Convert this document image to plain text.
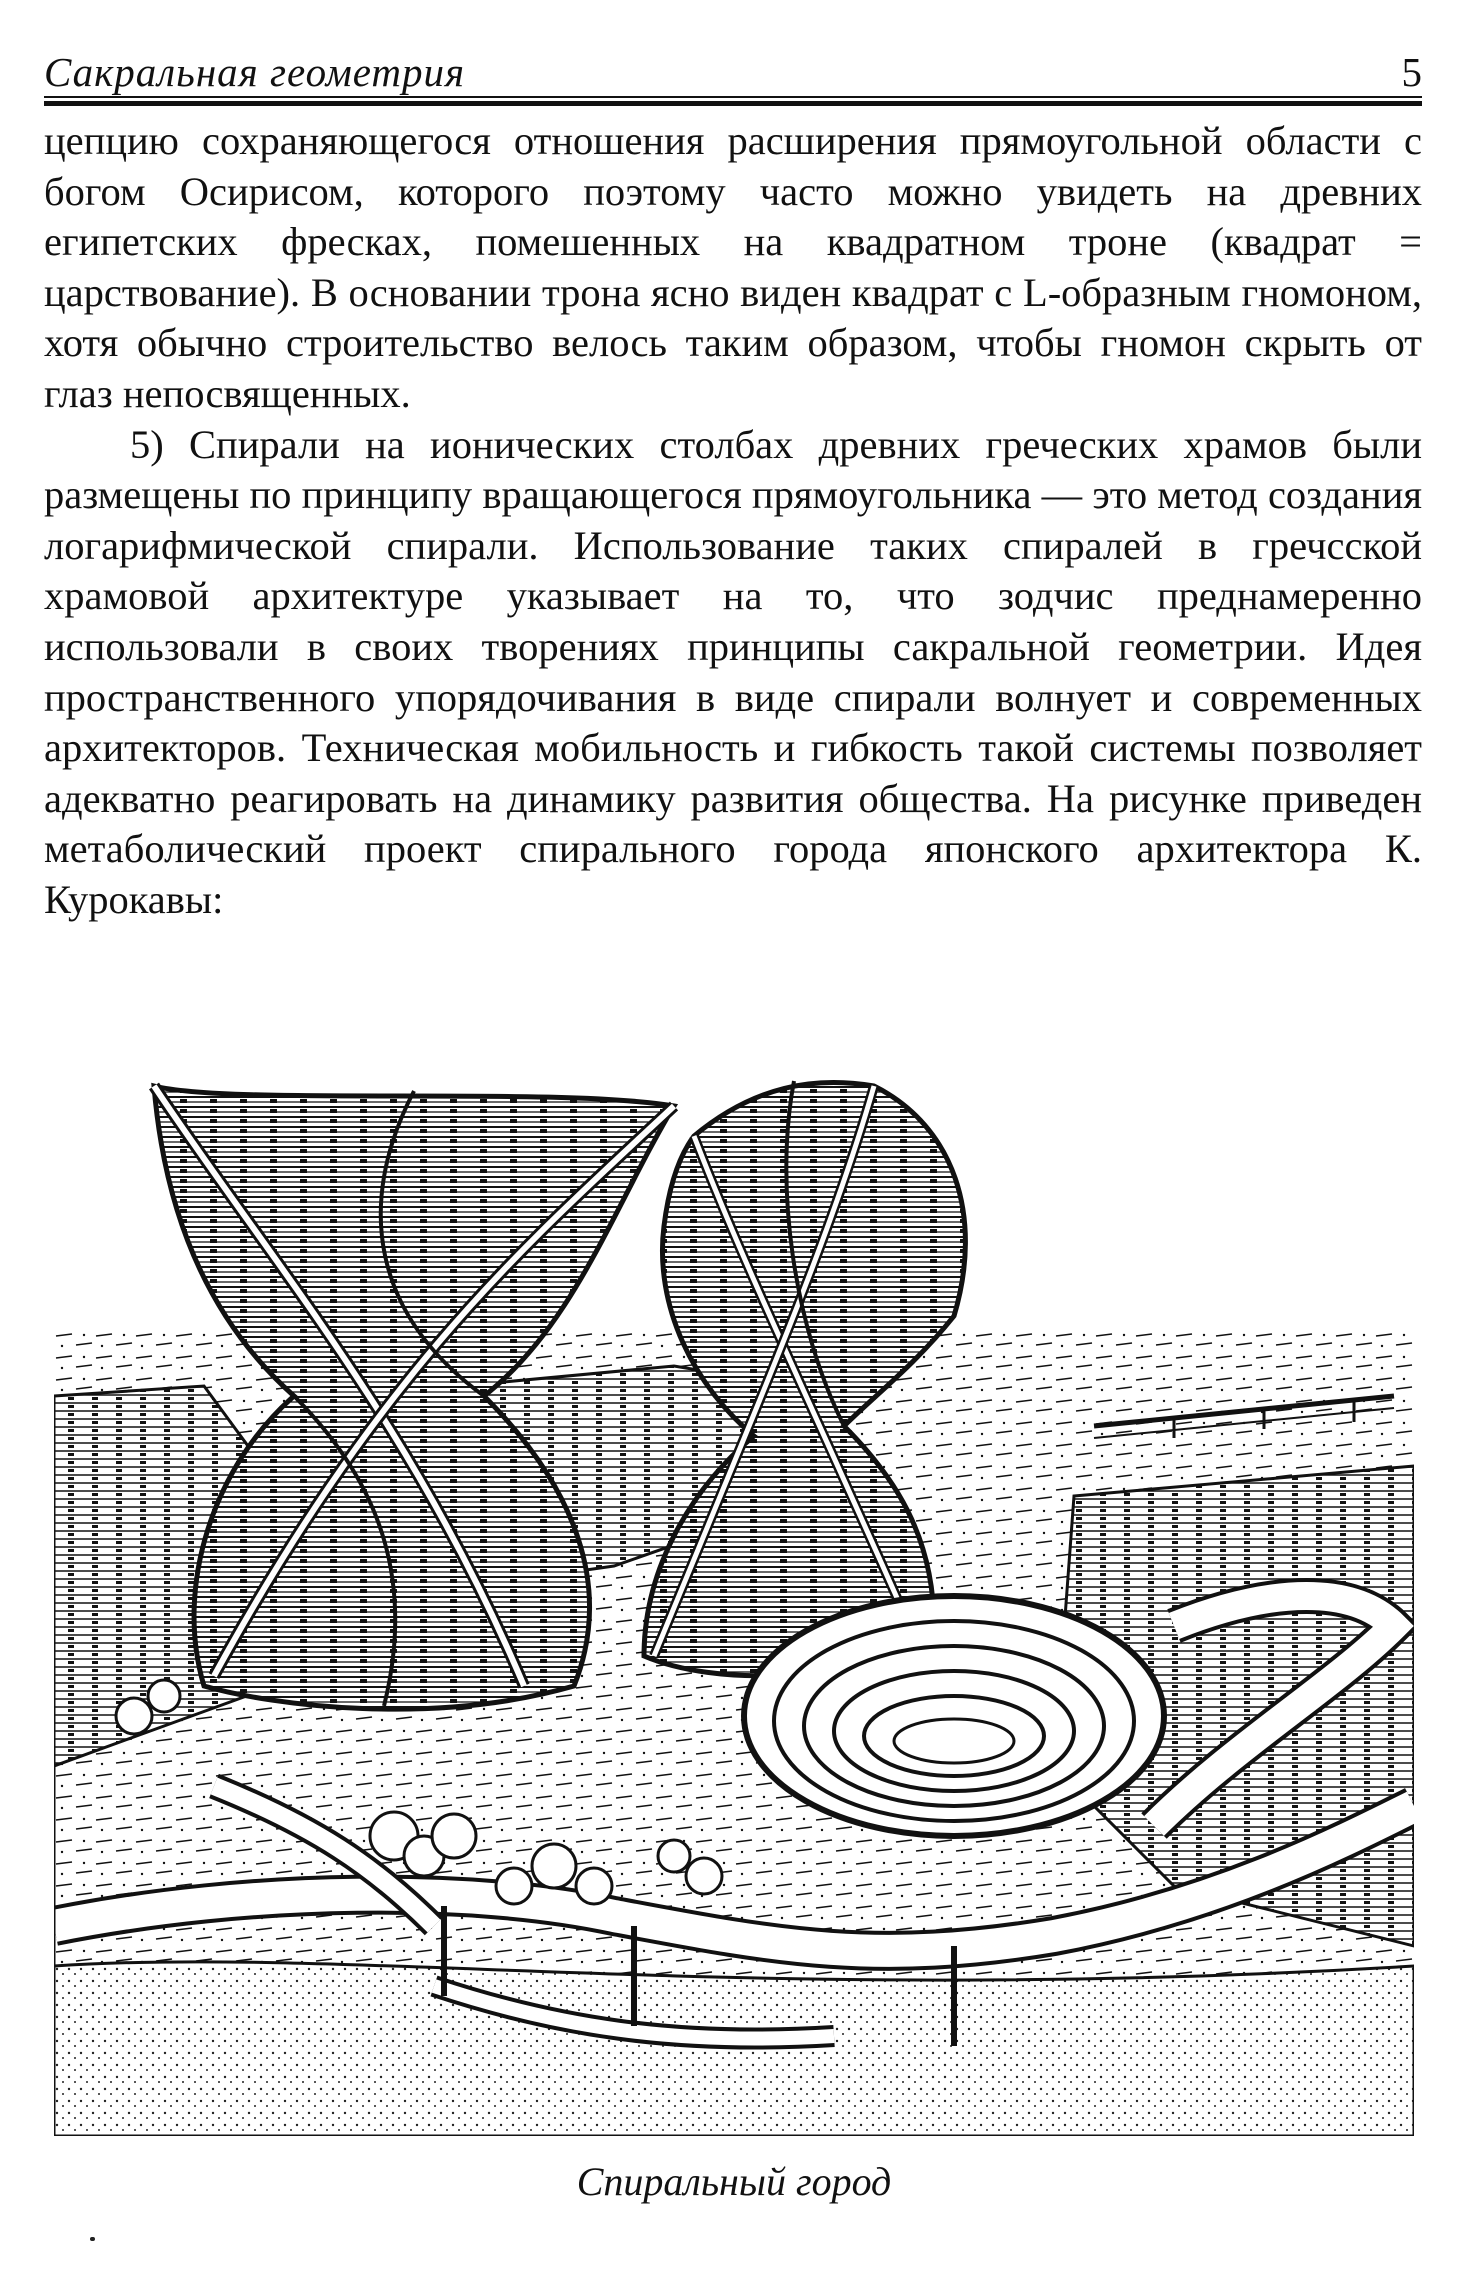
Сакральная геометрия	5

цепцию сохраняющегося отношения расширения прямоугольной области с богом Осирисом, которого поэтому часто можно увидеть на древних египетских фресках, помешенных на квадратном троне (квадрат = царствование). В основании трона ясно виден квадрат с L-образным гномоном, хотя обычно строительство велось таким образом, чтобы гномон скрыть от глаз непосвященных.

5) Спирали на ионических столбах древних греческих храмов были размещены по принципу вращающегося прямоугольника — это метод создания логарифмической спирали. Использование таких спиралей в гречсской храмовой архитектуре указывает на то, что зодчис преднамеренно использовали в своих творениях принципы сакральной геометрии. Идея пространственного упорядочивания в виде спирали волнует и современных архитекторов. Техническая мобильность и гибкость такой системы позволяет адекватно реагировать на динамику развития общества. На рисунке приведен метаболический проект спирального города японского архитектора К. Курокавы:

Спиральный город
